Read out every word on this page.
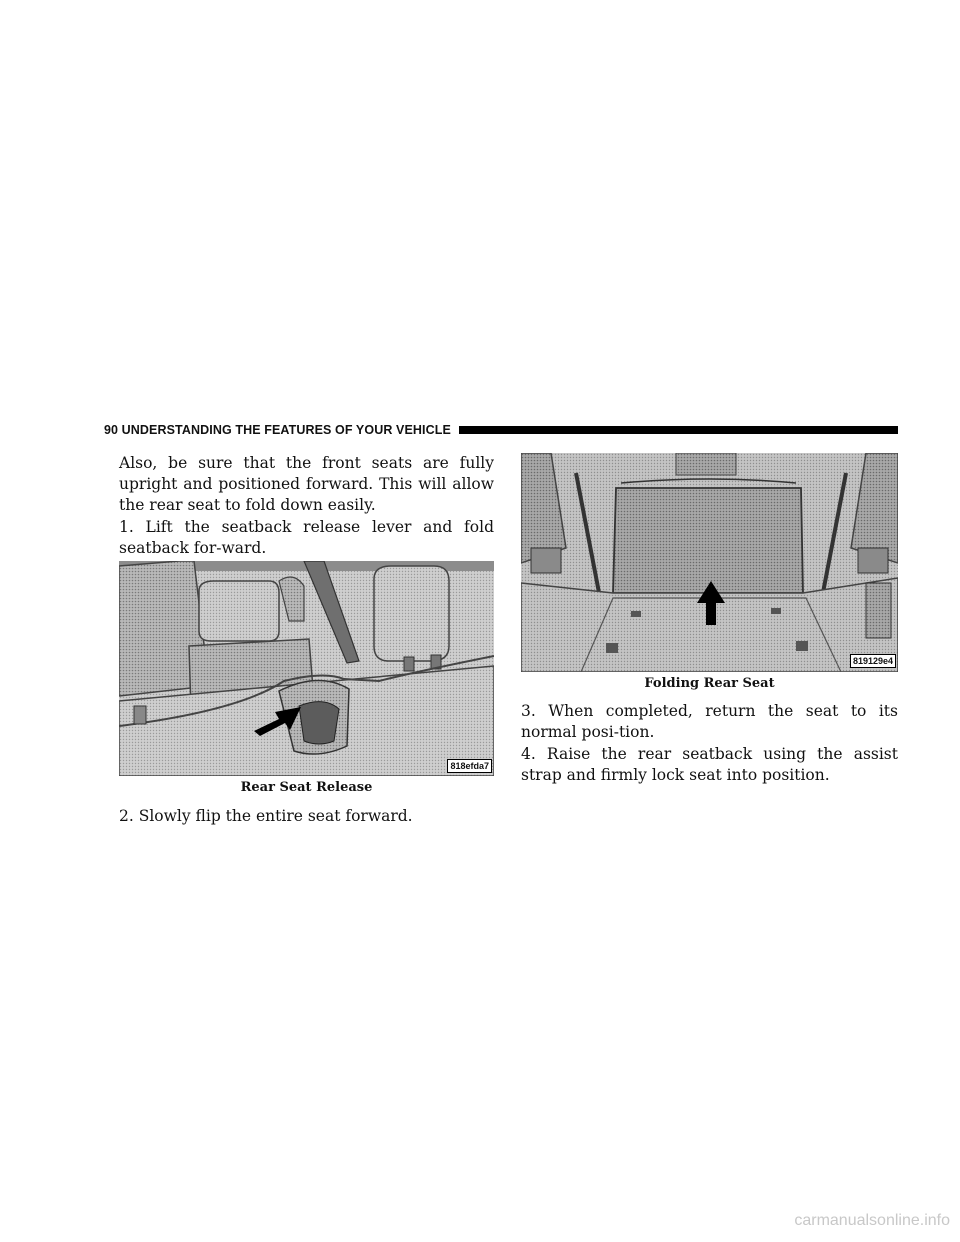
90 UNDERSTANDING THE FEATURES OF YOUR VEHICLE

Also, be sure that the front seats are fully upright and positioned forward. This will allow the rear seat to fold down easily.

1. Lift the seatback release lever and fold seatback for-ward.

818efda7
Rear Seat Release

2. Slowly flip the entire seat forward.

819129e4
Folding Rear Seat

3. When completed, return the seat to its normal posi-tion.

4. Raise the rear seatback using the assist strap and firmly lock seat into position.

carmanualsonline.info
